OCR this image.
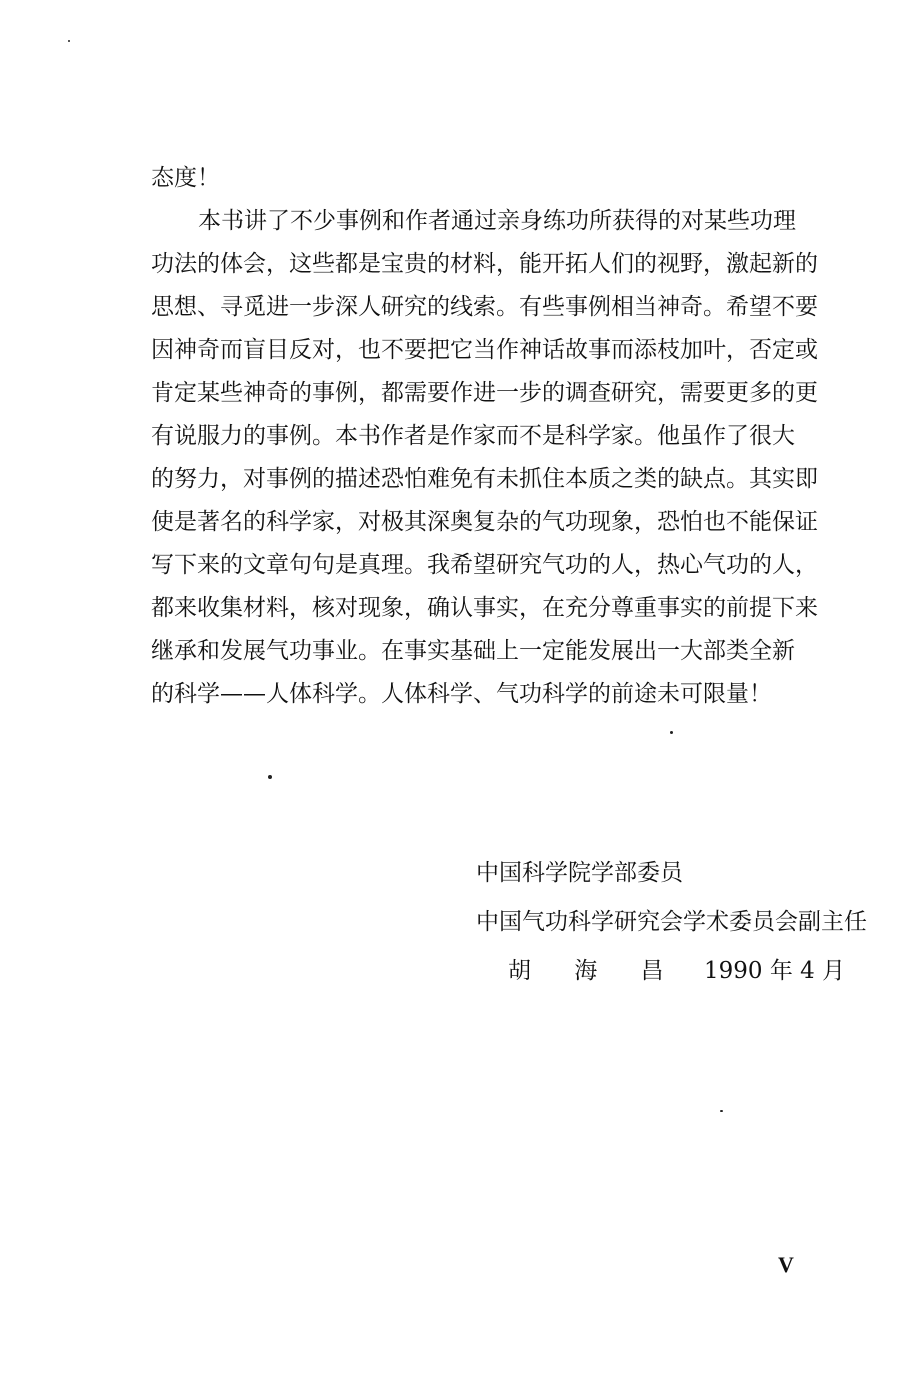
态度！
本书讲了不少事例和作者通过亲身练功所获得的对某些功理
功法的体会，这些都是宝贵的材料，能开拓人们的视野，激起新的
思想、寻觅进一步深人研究的线索。有些事例相当神奇。希望不要
因神奇而盲目反对，也不要把它当作神话故事而添枝加叶，否定或
肯定某些神奇的事例，都需要作进一步的调查研究，需要更多的更
有说服力的事例。本书作者是作家而不是科学家。他虽作了很大
的努力，对事例的描述恐怕难免有未抓住本质之类的缺点。其实即
使是著名的科学家，对极其深奥复杂的气功现象，恐怕也不能保证
写下来的文章句句是真理。我希望研究气功的人，热心气功的人，
都来收集材料，核对现象，确认事实，在充分尊重事实的前提下来
继承和发展气功事业。在事实基础上一定能发展出一大部类全新
的科学——人体科学。人体科学、气功科学的前途未可限量！
中国科学院学部委员
中国气功科学研究会学术委员会副主任
胡 海 昌 1990 年 4 月
V
